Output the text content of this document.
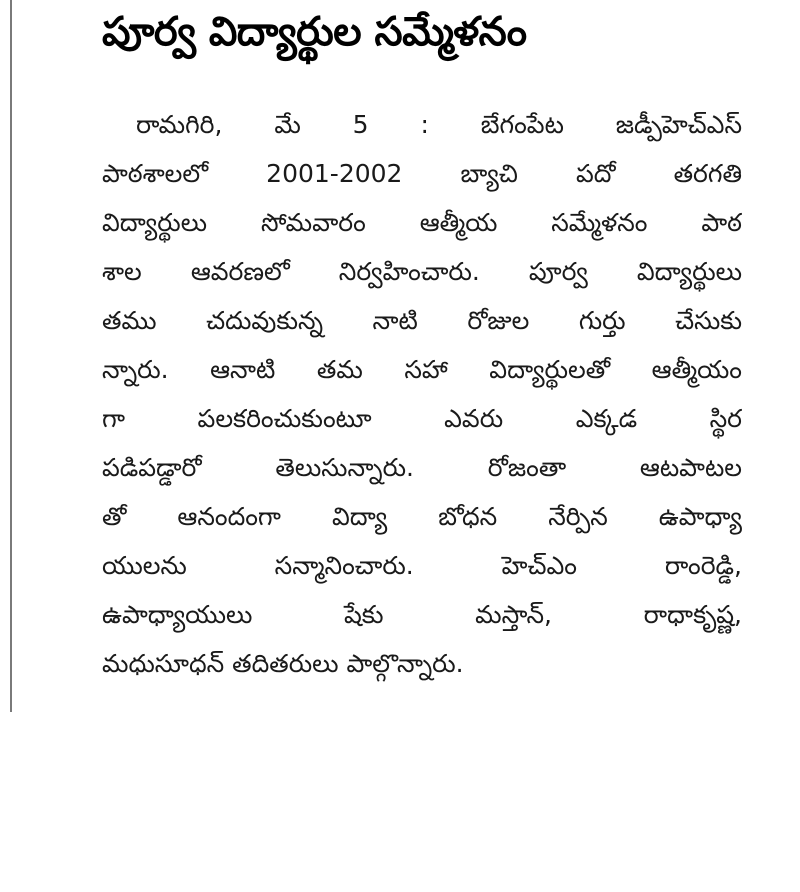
పూర్వ విద్యార్థుల సమ్మేళనం
రామగిరి, మే 5 : బేగంపేట జడ్పీహెచ్‌ఎస్
పాఠశాలలో 2001-2002 బ్యాచి పదో తరగతి
విద్యార్థులు సోమవారం ఆత్మీయ సమ్మేళనం పాఠ
శాల ఆవరణలో నిర్వహించారు. పూర్వ విద్యార్థులు
తము చదువుకున్న నాటి రోజుల గుర్తు చేసుకు
న్నారు. ఆనాటి తమ సహా విద్యార్థులతో ఆత్మీయం
గా పలకరించుకుంటూ ఎవరు ఎక్కడ స్థిర
పడిపడ్డారో తెలుసున్నారు. రోజంతా ఆటపాటల
తో ఆనందంగా విద్యా బోధన నేర్పిన ఉపాధ్యా
యులను సన్మానించారు. హెచ్‌ఎం రాంరెడ్డి,
ఉపాధ్యాయులు షేకు మస్తాన్, రాధాకృష్ణ,
మధుసూధన్ తదితరులు పాల్గొన్నారు.
